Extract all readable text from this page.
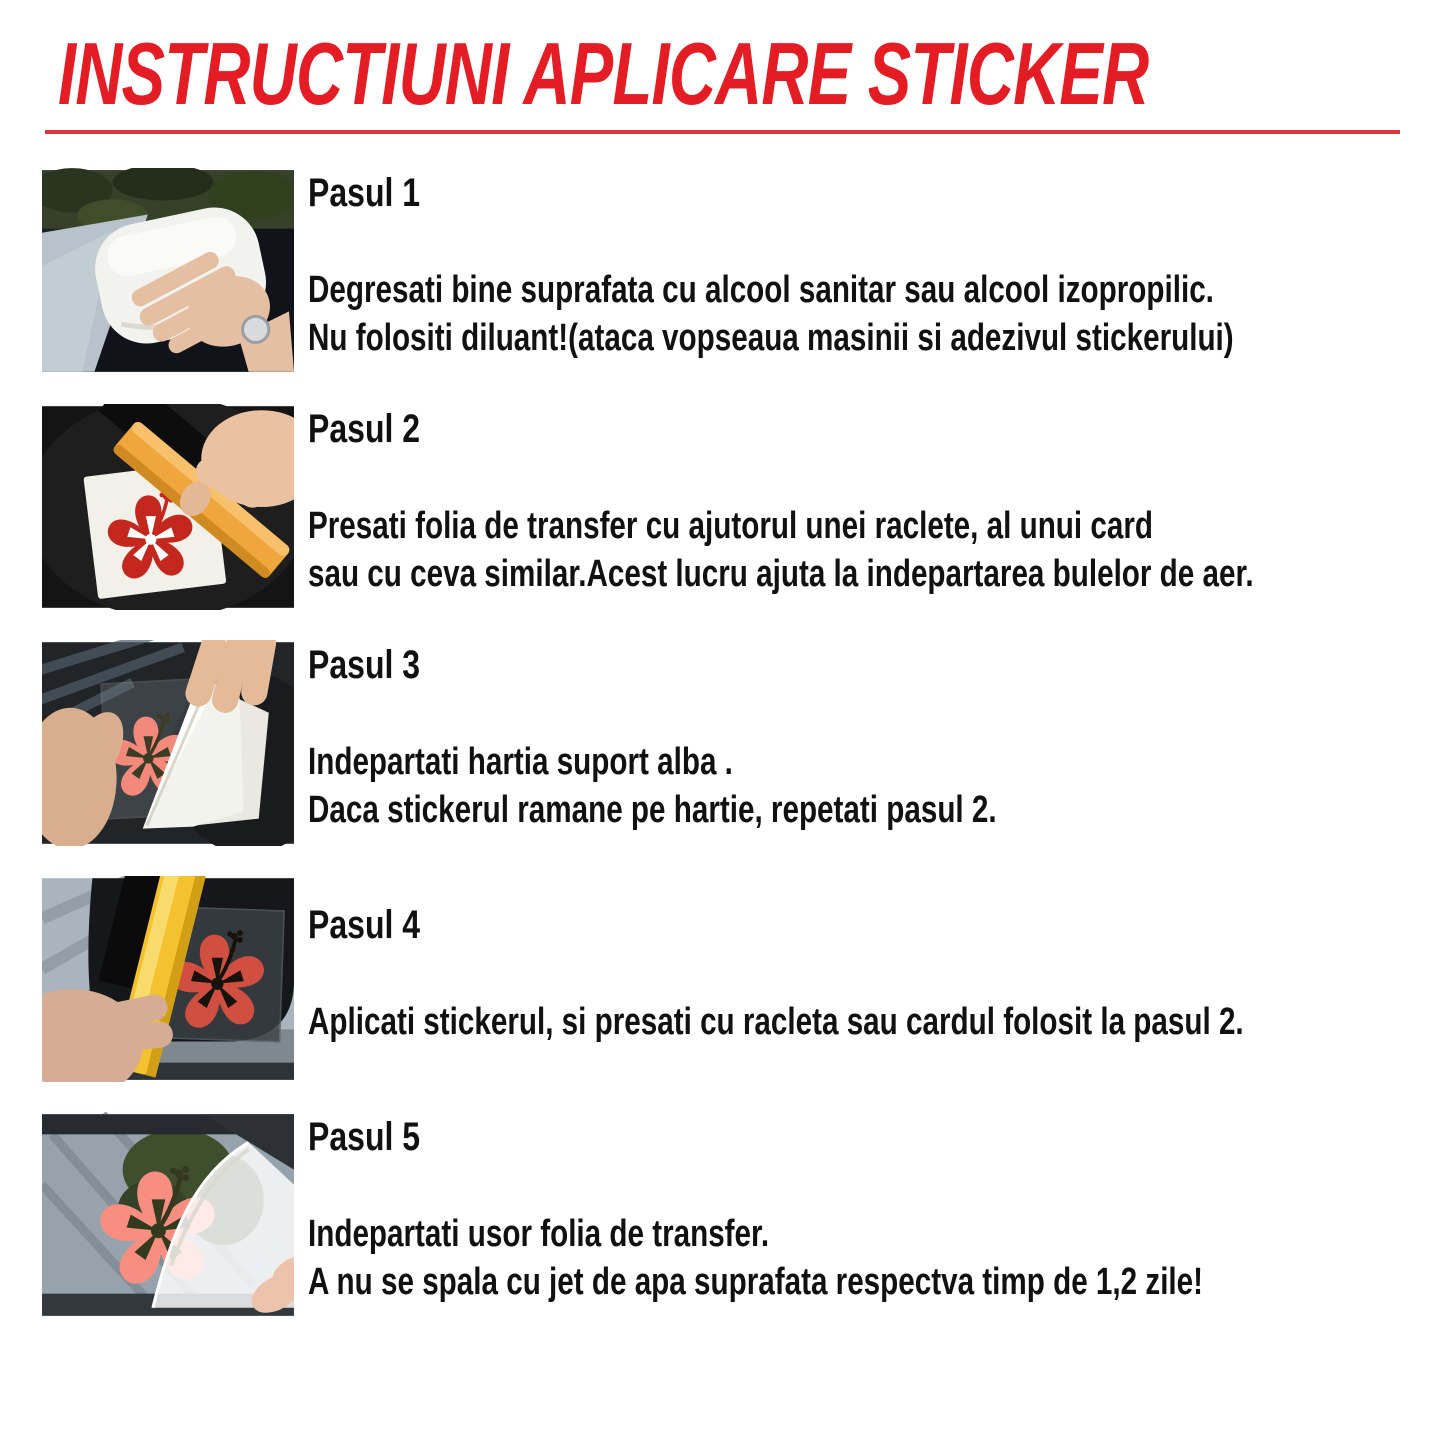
INSTRUCTIUNI APLICARE STICKER
Pasul 1
Degresati bine suprafata cu alcool sanitar sau alcool izopropilic.
Nu folositi diluant!(ataca vopseaua masinii si adezivul stickerului)
Pasul 2
Presati folia de transfer cu ajutorul unei raclete, al unui card
sau cu ceva similar.Acest lucru ajuta la indepartarea bulelor de aer.
Pasul 3
Indepartati hartia suport alba .
Daca stickerul ramane pe hartie, repetati pasul 2.
Pasul 4
Aplicati stickerul, si presati cu racleta sau cardul folosit la pasul 2.
Pasul 5
Indepartati usor folia de transfer.
A nu se spala cu jet de apa suprafata respectva timp de 1,2 zile!
